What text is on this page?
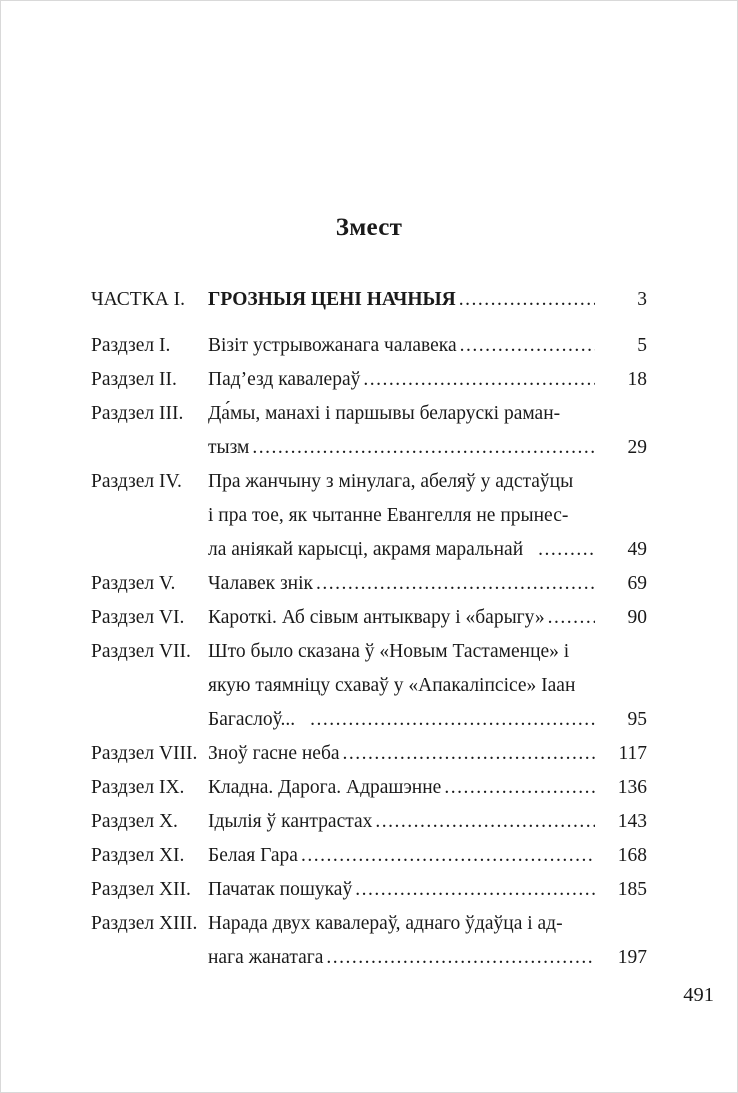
Змест
ЧАСТКА I.	ГРОЗНЫЯ ЦЕНІ НАЧНЫЯ .....	3
Раздзел I.	Візіт устрывожанага чалавека .....	5
Раздзел II.	Пад’езд кавалераў .....	18
Раздзел III.	Да́мы, манахі і паршывы беларускі раман-
тызм .....	29
Раздзел IV.	Пра жанчыну з мінулага, абеляў у адстаўцы
і пра тое, як чытанне Евангелля не прынес-
ла аніякай карысці, акрамя маральнай .....	49
Раздзел V.	Чалавек знік .....	69
Раздзел VI.	Кароткі. Аб сівым антыквару і «барыгу» .....	90
Раздзел VII. Што было сказана ў «Новым Тастаменце» і
якую таямніцу схаваў у «Апакаліпсісе» Іаан
Багаслоў... .....	95
Раздзел VIII. Зноў гасне неба .....	117
Раздзел IX.	Кладна. Дарога. Адрашэнне .....	136
Раздзел X.	Ідылія ў кантрастах .....	143
Раздзел XI.	Белая Гара .....	168
Раздзел XII. Пачатак пошукаў .....	185
Раздзел XIII. Нарада двух кавалераў, аднаго ўдаўца і ад-
нага жанатага .....	197
491
